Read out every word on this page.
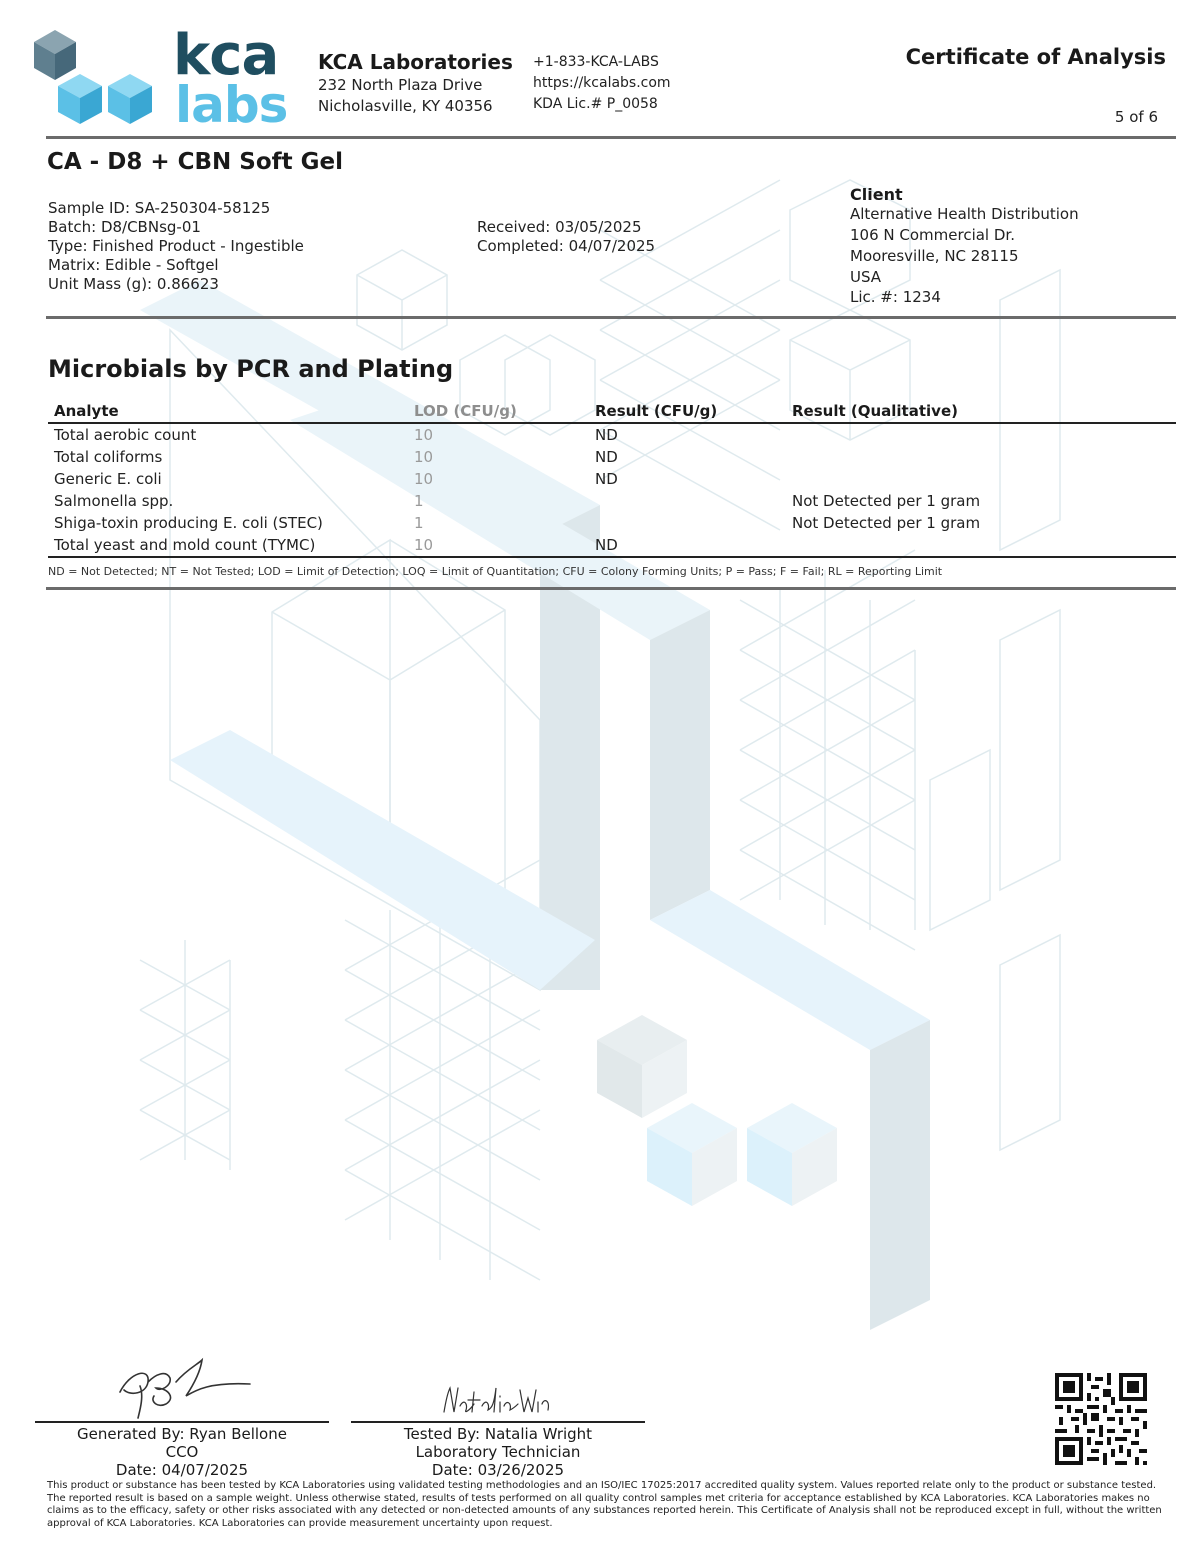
kca
labs
KCA Laboratories
232 North Plaza Drive
Nicholasville, KY 40356
+1-833-KCA-LABS
https://kcalabs.com
KDA Lic.# P_0058
Certificate of Analysis
5 of 6
CA - D8 + CBN Soft Gel
Sample ID: SA-250304-58125
Batch: D8/CBNsg-01
Type: Finished Product - Ingestible
Matrix: Edible - Softgel
Unit Mass (g): 0.86623
Received: 03/05/2025
Completed: 04/07/2025
Client
Alternative Health Distribution
106 N Commercial Dr.
Mooresville, NC 28115
USA
Lic. #: 1234
Microbials by PCR and Plating
Analyte	LOD (CFU/g)	Result (CFU/g)	Result (Qualitative)
Total aerobic count	10	ND	
Total coliforms	10	ND	
Generic E. coli	10	ND	
Salmonella spp.	1		Not Detected per 1 gram
Shiga-toxin producing E. coli (STEC)	1		Not Detected per 1 gram
Total yeast and mold count (TYMC)	10	ND	
ND = Not Detected; NT = Not Tested; LOD = Limit of Detection; LOQ = Limit of Quantitation; CFU = Colony Forming Units; P = Pass; F = Fail; RL = Reporting Limit
Generated By: Ryan Bellone
CCO
Date: 04/07/2025
Tested By: Natalia Wright
Laboratory Technician
Date: 03/26/2025
This product or substance has been tested by KCA Laboratories using validated testing methodologies and an ISO/IEC 17025:2017 accredited quality system. Values reported relate only to the product or substance tested. The reported result is based on a sample weight. Unless otherwise stated, results of tests performed on all quality control samples met criteria for acceptance established by KCA Laboratories. KCA Laboratories makes no claims as to the efficacy, safety or other risks associated with any detected or non-detected amounts of any substances reported herein. This Certificate of Analysis shall not be reproduced except in full, without the written approval of KCA Laboratories. KCA Laboratories can provide measurement uncertainty upon request.
